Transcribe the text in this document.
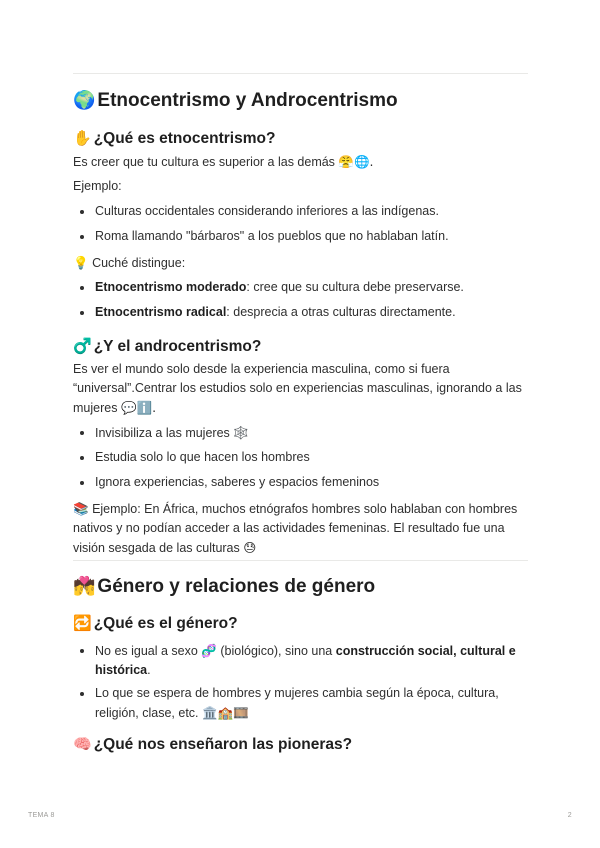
🌍 Etnocentrismo y Androcentrismo
✋ ¿Qué es etnocentrismo?
Es creer que tu cultura es superior a las demás 😤🌐.
Ejemplo:
Culturas occidentales considerando inferiores a las indígenas.
Roma llamando "bárbaros" a los pueblos que no hablaban latín.
💡 Cuché distingue:
Etnocentrismo moderado: cree que su cultura debe preservarse.
Etnocentrismo radical: desprecia a otras culturas directamente.
♂️ ¿Y el androcentrismo?
Es ver el mundo solo desde la experiencia masculina, como si fuera “universal”.Centrar los estudios solo en experiencias masculinas, ignorando a las mujeres 💬ℹ️.
Invisibiliza a las mujeres 🕸️
Estudia solo lo que hacen los hombres
Ignora experiencias, saberes y espacios femeninos
📚 Ejemplo: En África, muchos etnógrafos hombres solo hablaban con hombres nativos y no podían acceder a las actividades femeninas. El resultado fue una visión sesgada de las culturas 😓
💏 Género y relaciones de género
🔁 ¿Qué es el género?
No es igual a sexo 🧬 (biológico), sino una construcción social, cultural e histórica.
Lo que se espera de hombres y mujeres cambia según la época, cultura, religión, clase, etc. 🏛️🏫🎞️
🧠 ¿Qué nos enseñaron las pioneras?
TEMA 8	2
